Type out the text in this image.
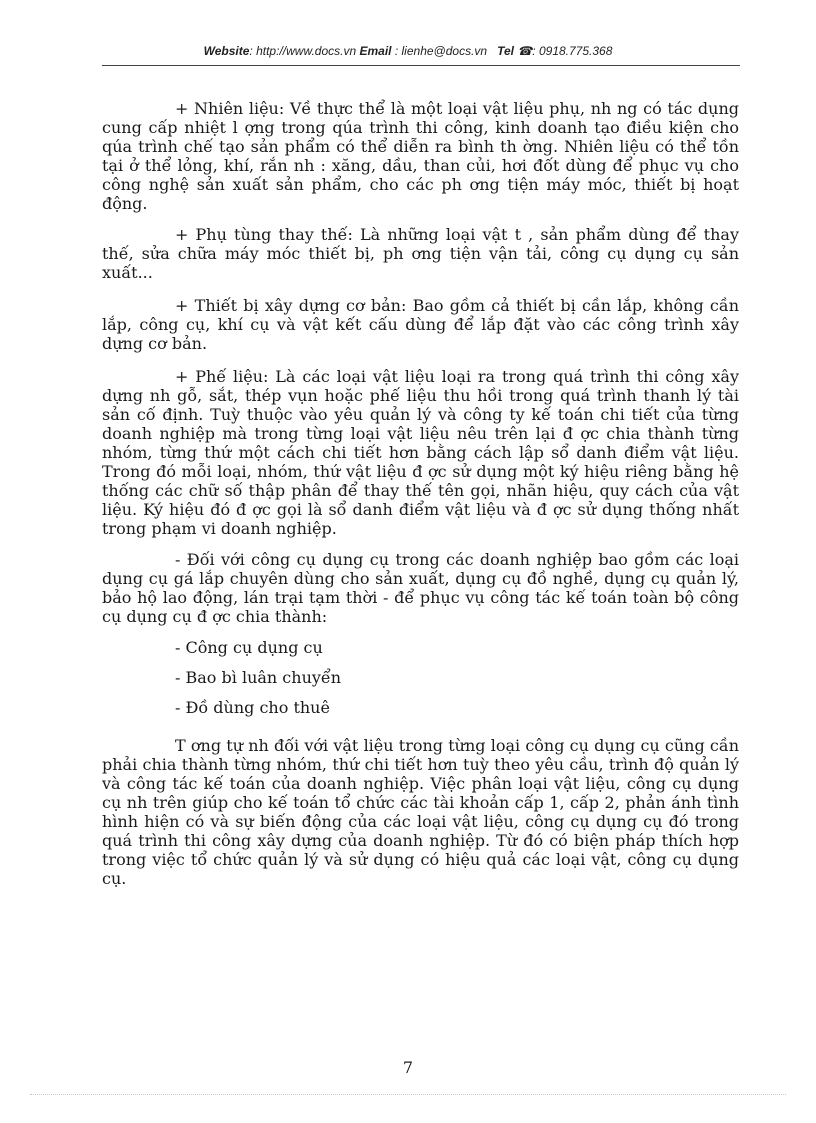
Website: http://www.docs.vn Email : lienhe@docs.vn Tel ☎: 0918.775.368

+ Nhiên liệu: Về thực thể là một loại vật liệu phụ, nh ng có tác dụng cung cấp nhiệt l ợng trong qúa trình thi công, kinh doanh tạo điều kiện cho qúa trình chế tạo sản phẩm có thể diễn ra bình th ờng. Nhiên liệu có thể tồn tại ở thể lỏng, khí, rắn nh : xăng, dầu, than củi, hơi đốt dùng để phục vụ cho công nghệ sản xuất sản phẩm, cho các ph ơng tiện máy móc, thiết bị hoạt động.

+ Phụ tùng thay thế: Là những loại vật t , sản phẩm dùng để thay thế, sửa chữa máy móc thiết bị, ph ơng tiện vận tải, công cụ dụng cụ sản xuất...

+ Thiết bị xây dựng cơ bản: Bao gồm cả thiết bị cần lắp, không cần lắp, công cụ, khí cụ và vật kết cấu dùng để lắp đặt vào các công trình xây dựng cơ bản.

+ Phế liệu: Là các loại vật liệu loại ra trong quá trình thi công xây dựng nh gỗ, sắt, thép vụn hoặc phế liệu thu hồi trong quá trình thanh lý tài sản cố định. Tuỳ thuộc vào yêu quản lý và công ty kế toán chi tiết của từng doanh nghiệp mà trong từng loại vật liệu nêu trên lại đ ợc chia thành từng nhóm, từng thứ một cách chi tiết hơn bằng cách lập sổ danh điểm vật liệu. Trong đó mỗi loại, nhóm, thứ vật liệu đ ợc sử dụng một ký hiệu riêng bằng hệ thống các chữ số thập phân để thay thế tên gọi, nhãn hiệu, quy cách của vật liệu. Ký hiệu đó đ ợc gọi là sổ danh điểm vật liệu và đ ợc sử dụng thống nhất trong phạm vi doanh nghiệp.

- Đối với công cụ dụng cụ trong các doanh nghiệp bao gồm các loại dụng cụ gá lắp chuyên dùng cho sản xuất, dụng cụ đồ nghề, dụng cụ quản lý, bảo hộ lao động, lán trại tạm thời - để phục vụ công tác kế toán toàn bộ công cụ dụng cụ đ ợc chia thành:

- Công cụ dụng cụ

- Bao bì luân chuyển

- Đồ dùng cho thuê

T ơng tự nh đối với vật liệu trong từng loại công cụ dụng cụ cũng cần phải chia thành từng nhóm, thứ chi tiết hơn tuỳ theo yêu cầu, trình độ quản lý và công tác kế toán của doanh nghiệp. Việc phân loại vật liệu, công cụ dụng cụ nh trên giúp cho kế toán tổ chức các tài khoản cấp 1, cấp 2, phản ánh tình hình hiện có và sự biến động của các loại vật liệu, công cụ dụng cụ đó trong quá trình thi công xây dựng của doanh nghiệp. Từ đó có biện pháp thích hợp trong việc tổ chức quản lý và sử dụng có hiệu quả các loại vật, công cụ dụng cụ.

7
